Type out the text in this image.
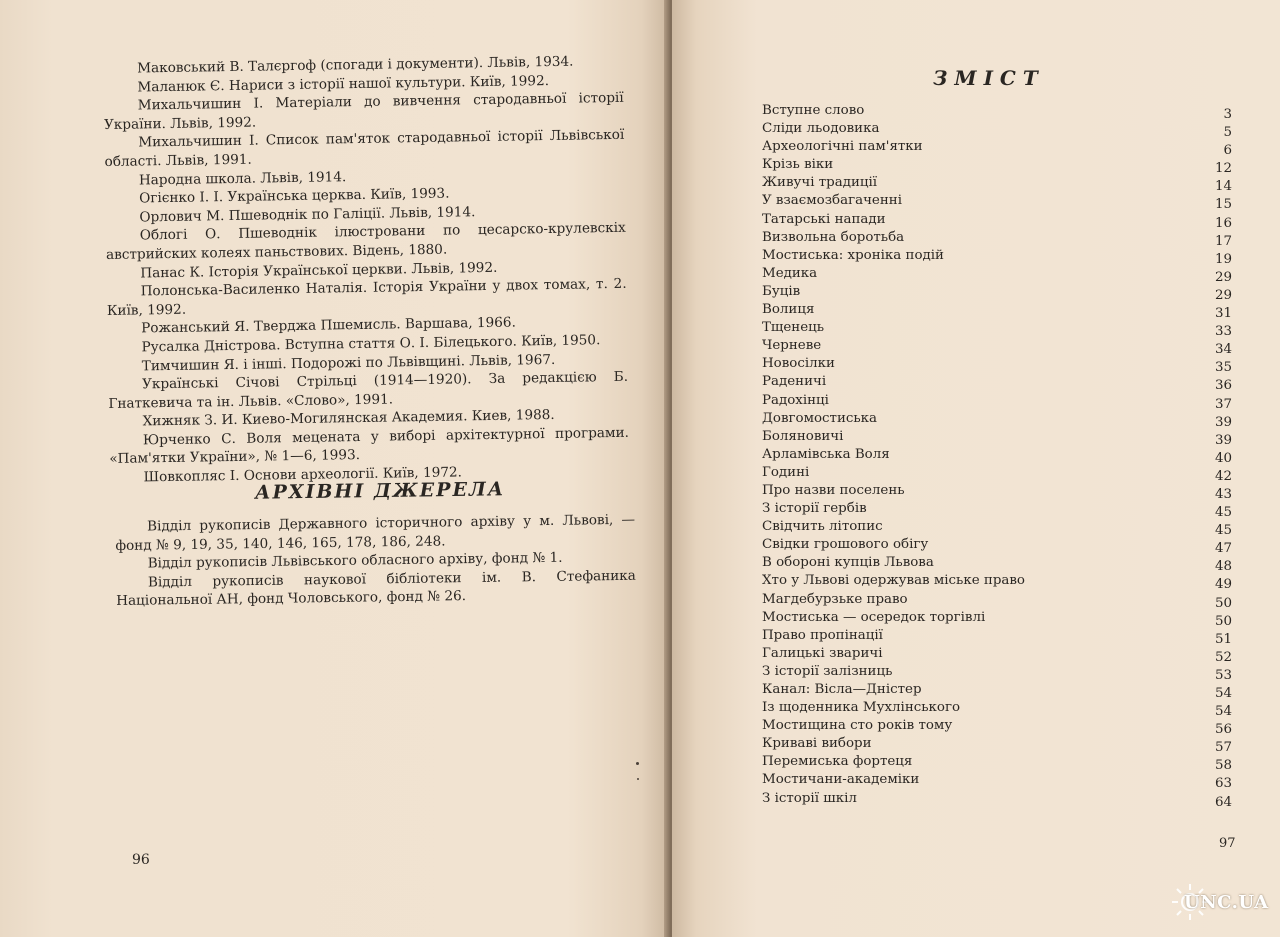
Маковський В. Талєргоф (спогади і документи). Львів, 1934.

Маланюк Є. Нариси з історії нашої культури. Київ, 1992.

Михальчишин І. Матеріали до вивчення стародавньої історії України. Львів, 1992.

Михальчишин І. Список пам'яток стародавньої історії Львівської області. Львів, 1991.

Народна школа. Львів, 1914.

Огієнко І. І. Українська церква. Київ, 1993.

Орлович М. Пшеводнік по Галіції. Львів, 1914.

Облогі О. Пшеводнік ілюстровани по цесарско-крулевскіх австрийских колеях паньствових. Відень, 1880.

Панас К. Історія Української церкви. Львів, 1992.

Полонська-Василенко Наталія. Історія України у двох томах, т. 2. Київ, 1992.

Рожанський Я. Тверджа Пшемисль. Варшава, 1966.

Русалка Дністрова. Вступна стаття О. І. Білецького. Київ, 1950.

Тимчишин Я. і інші. Подорожі по Львівщині. Львів, 1967.

Українські Січові Стрільці (1914—1920). За редакцією Б. Гнаткевича та ін. Львів. «Слово», 1991.

Хижняк З. И. Киево-Могилянская Академия. Киев, 1988.

Юрченко С. Воля мецената у виборі архітектурної програми. «Пам'ятки України», № 1—6, 1993.

Шовкопляс І. Основи археології. Київ, 1972.

АРХІВНІ ДЖЕРЕЛА

Відділ рукописів Державного історичного архіву у м. Львові, — фонд № 9, 19, 35, 140, 146, 165, 178, 186, 248.

Відділ рукописів Львівського обласного архіву, фонд № 1.

Відділ рукописів наукової бібліотеки ім. В. Стефаника Національної АН, фонд Чоловського, фонд № 26.

96
ЗМІСТ
Вступне слово	3
Сліди льодовика	5
Археологічні пам'ятки	6
Крізь віки	12
Живучі традиції	14
У взаємозбагаченні	15
Татарські напади	16
Визвольна боротьба	17
Мостиська: хроніка подій	19
Медика	29
Буців	29
Волиця	31
Тщенець	33
Черневе	34
Новосілки	35
Раденичі	36
Радохінці	37
Довгомостиська	39
Боляновичі	39
Арламівська Воля	40
Годині	42
Про назви поселень	43
З історії гербів	45
Свідчить літопис	45
Свідки грошового обігу	47
В обороні купців Львова	48
Хто у Львові одержував міське право	49
Магдебурзьке право	50
Мостиська — осередок торгівлі	50
Право пропінації	51
Галицькі зваричі	52
З історії залізниць	53
Канал: Вісла—Дністер	54
Із щоденника Мухлінського	54
Мостищина сто років тому	56
Криваві вибори	57
Перемиська фортеця	58
Мостичани-академіки	63
З історії шкіл	64
97
UNC.UA
